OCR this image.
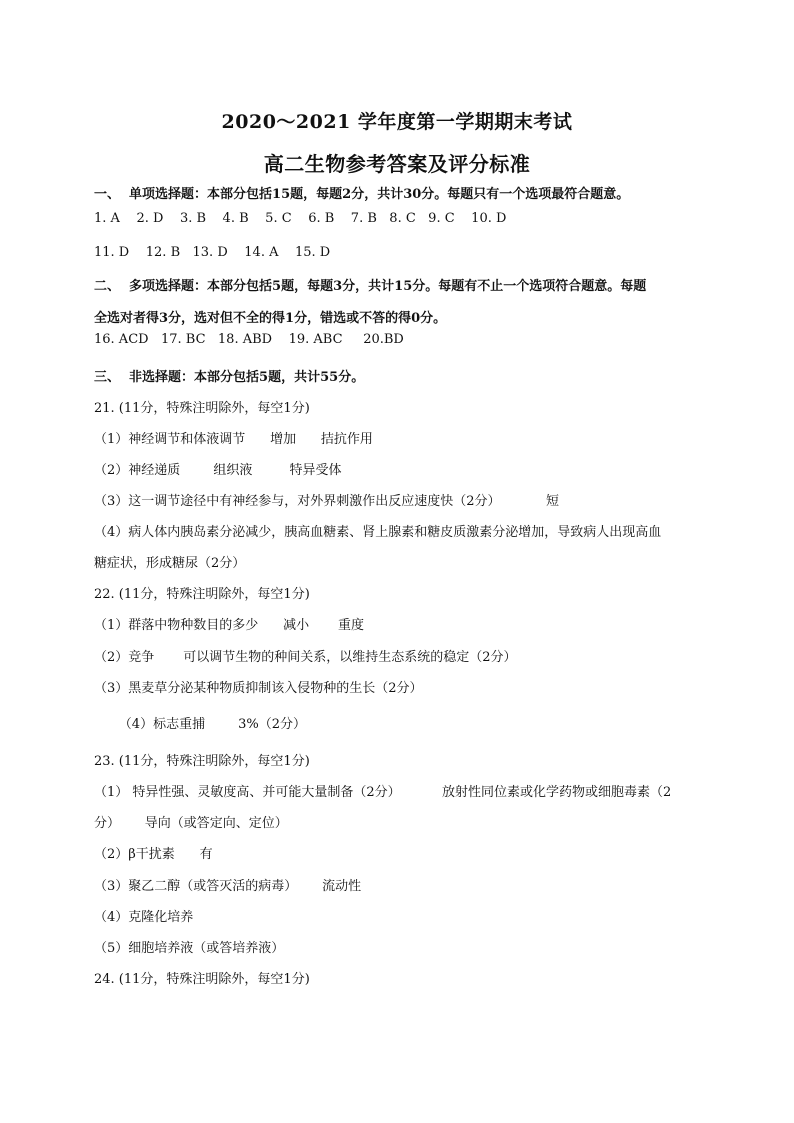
2020～2021 学年度第一学期期末考试
高二生物参考答案及评分标准
一、  单项选择题：本部分包括15题，每题2分，共计30分。每题只有一个选项最符合题意。
1. A    2. D    3. B    4. B    5. C    6. B    7. B   8. C   9. C    10. D
11. D    12. B   13. D    14. A    15. D
二、  多项选择题：本部分包括5题，每题3分，共计15分。每题有不止一个选项符合题意。每题
全选对者得3分，选对但不全的得1分，错选或不答的得0分。
16. ACD   17. BC   18. ABD    19. ABC     20.BD
三、  非选择题：本部分包括5题，共计55分。
21. (11分，特殊注明除外，每空1分)
（1）神经调节和体液调节      增加      拮抗作用
（2）神经递质        组织液         特异受体
（3）这一调节途径中有神经参与，对外界刺激作出反应速度快（2分）           短
（4）病人体内胰岛素分泌减少，胰高血糖素、肾上腺素和糖皮质激素分泌增加，导致病人出现高血
糖症状，形成糖尿（2分）
22. (11分，特殊注明除外，每空1分)
（1）群落中物种数目的多少      减小       重度
（2）竞争       可以调节生物的种间关系，以维持生态系统的稳定（2分）
（3）黑麦草分泌某种物质抑制该入侵物种的生长（2分）
（4）标志重捕        3%（2分）
23. (11分，特殊注明除外，每空1分)
（1） 特异性强、灵敏度高、并可能大量制备（2分）          放射性同位素或化学药物或细胞毒素（2
分）      导向（或答定向、定位）
（2）β干扰素      有
（3）聚乙二醇（或答灭活的病毒）      流动性
（4）克隆化培养
（5）细胞培养液（或答培养液）
24. (11分，特殊注明除外，每空1分)
